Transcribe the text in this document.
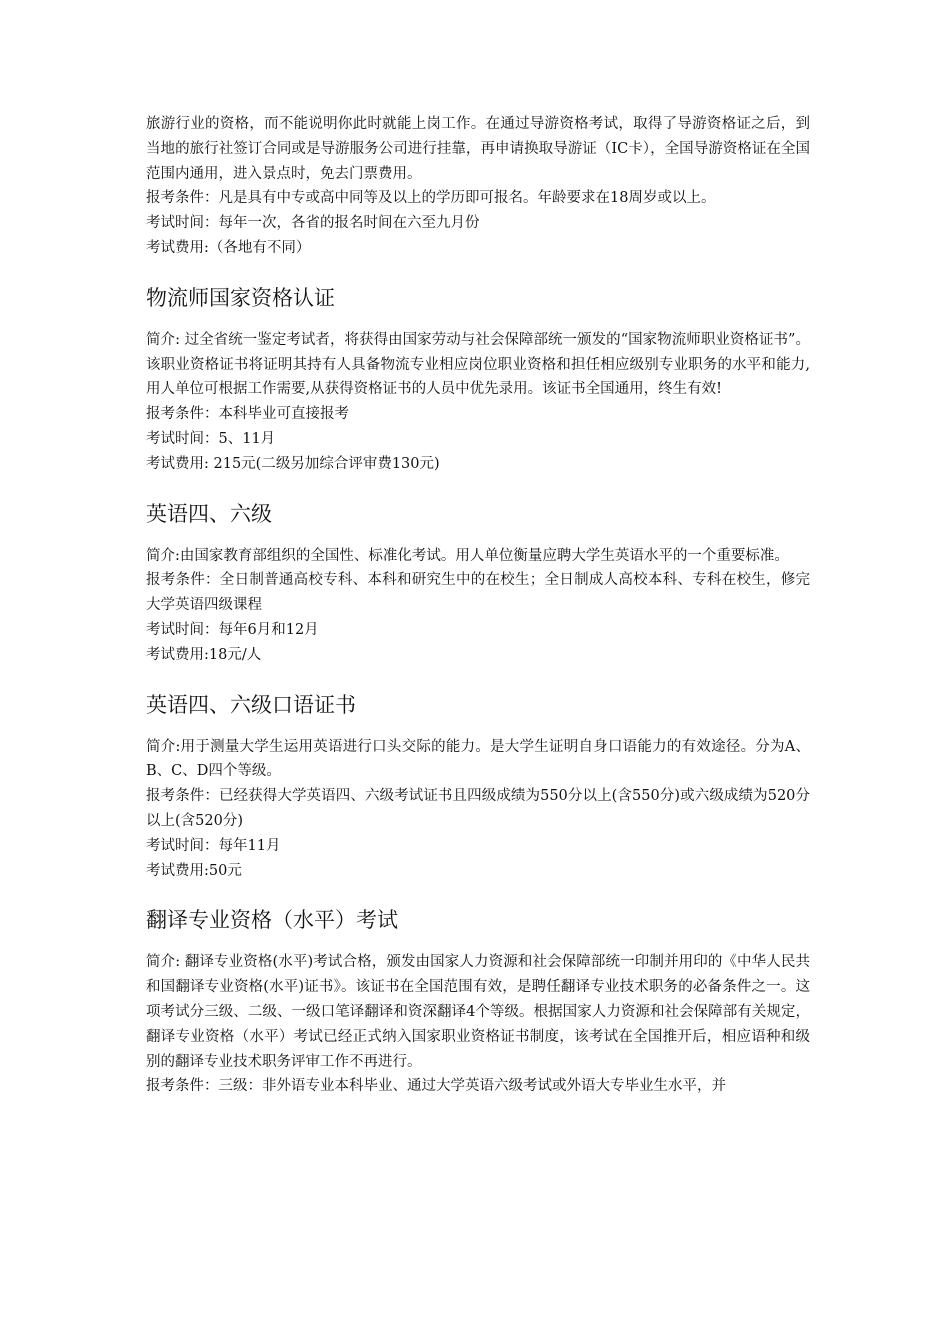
旅游行业的资格，而不能说明你此时就能上岗工作。在通过导游资格考试，取得了导游资格证之后，到当地的旅行社签订合同或是导游服务公司进行挂靠，再申请换取导游证（IC卡），全国导游资格证在全国范围内通用，进入景点时，免去门票费用。

报考条件：凡是具有中专或高中同等及以上的学历即可报名。年龄要求在18周岁或以上。

考试时间：每年一次，各省的报名时间在六至九月份

考试费用:（各地有不同）

物流师国家资格认证

简介: 过全省统一鉴定考试者，将获得由国家劳动与社会保障部统一颁发的“国家物流师职业资格证书”。该职业资格证书将证明其持有人具备物流专业相应岗位职业资格和担任相应级别专业职务的水平和能力,用人单位可根据工作需要,从获得资格证书的人员中优先录用。该证书全国通用，终生有效!

报考条件：本科毕业可直接报考

考试时间：5、11月

考试费用: 215元(二级另加综合评审费130元)

英语四、六级

简介:由国家教育部组织的全国性、标准化考试。用人单位衡量应聘大学生英语水平的一个重要标准。

报考条件：全日制普通高校专科、本科和研究生中的在校生；全日制成人高校本科、专科在校生，修完大学英语四级课程

考试时间：每年6月和12月

考试费用:18元/人

英语四、六级口语证书

简介:用于测量大学生运用英语进行口头交际的能力。是大学生证明自身口语能力的有效途径。分为A、B、C、D四个等级。

报考条件：已经获得大学英语四、六级考试证书且四级成绩为550分以上(含550分)或六级成绩为520分以上(含520分)

考试时间：每年11月

考试费用:50元

翻译专业资格（水平）考试

简介: 翻译专业资格(水平)考试合格，颁发由国家人力资源和社会保障部统一印制并用印的《中华人民共和国翻译专业资格(水平)证书》。该证书在全国范围有效，是聘任翻译专业技术职务的必备条件之一。这项考试分三级、二级、一级口笔译翻译和资深翻译4个等级。根据国家人力资源和社会保障部有关规定，翻译专业资格（水平）考试已经正式纳入国家职业资格证书制度，该考试在全国推开后，相应语种和级别的翻译专业技术职务评审工作不再进行。

报考条件：三级：非外语专业本科毕业、通过大学英语六级考试或外语大专毕业生水平，并
